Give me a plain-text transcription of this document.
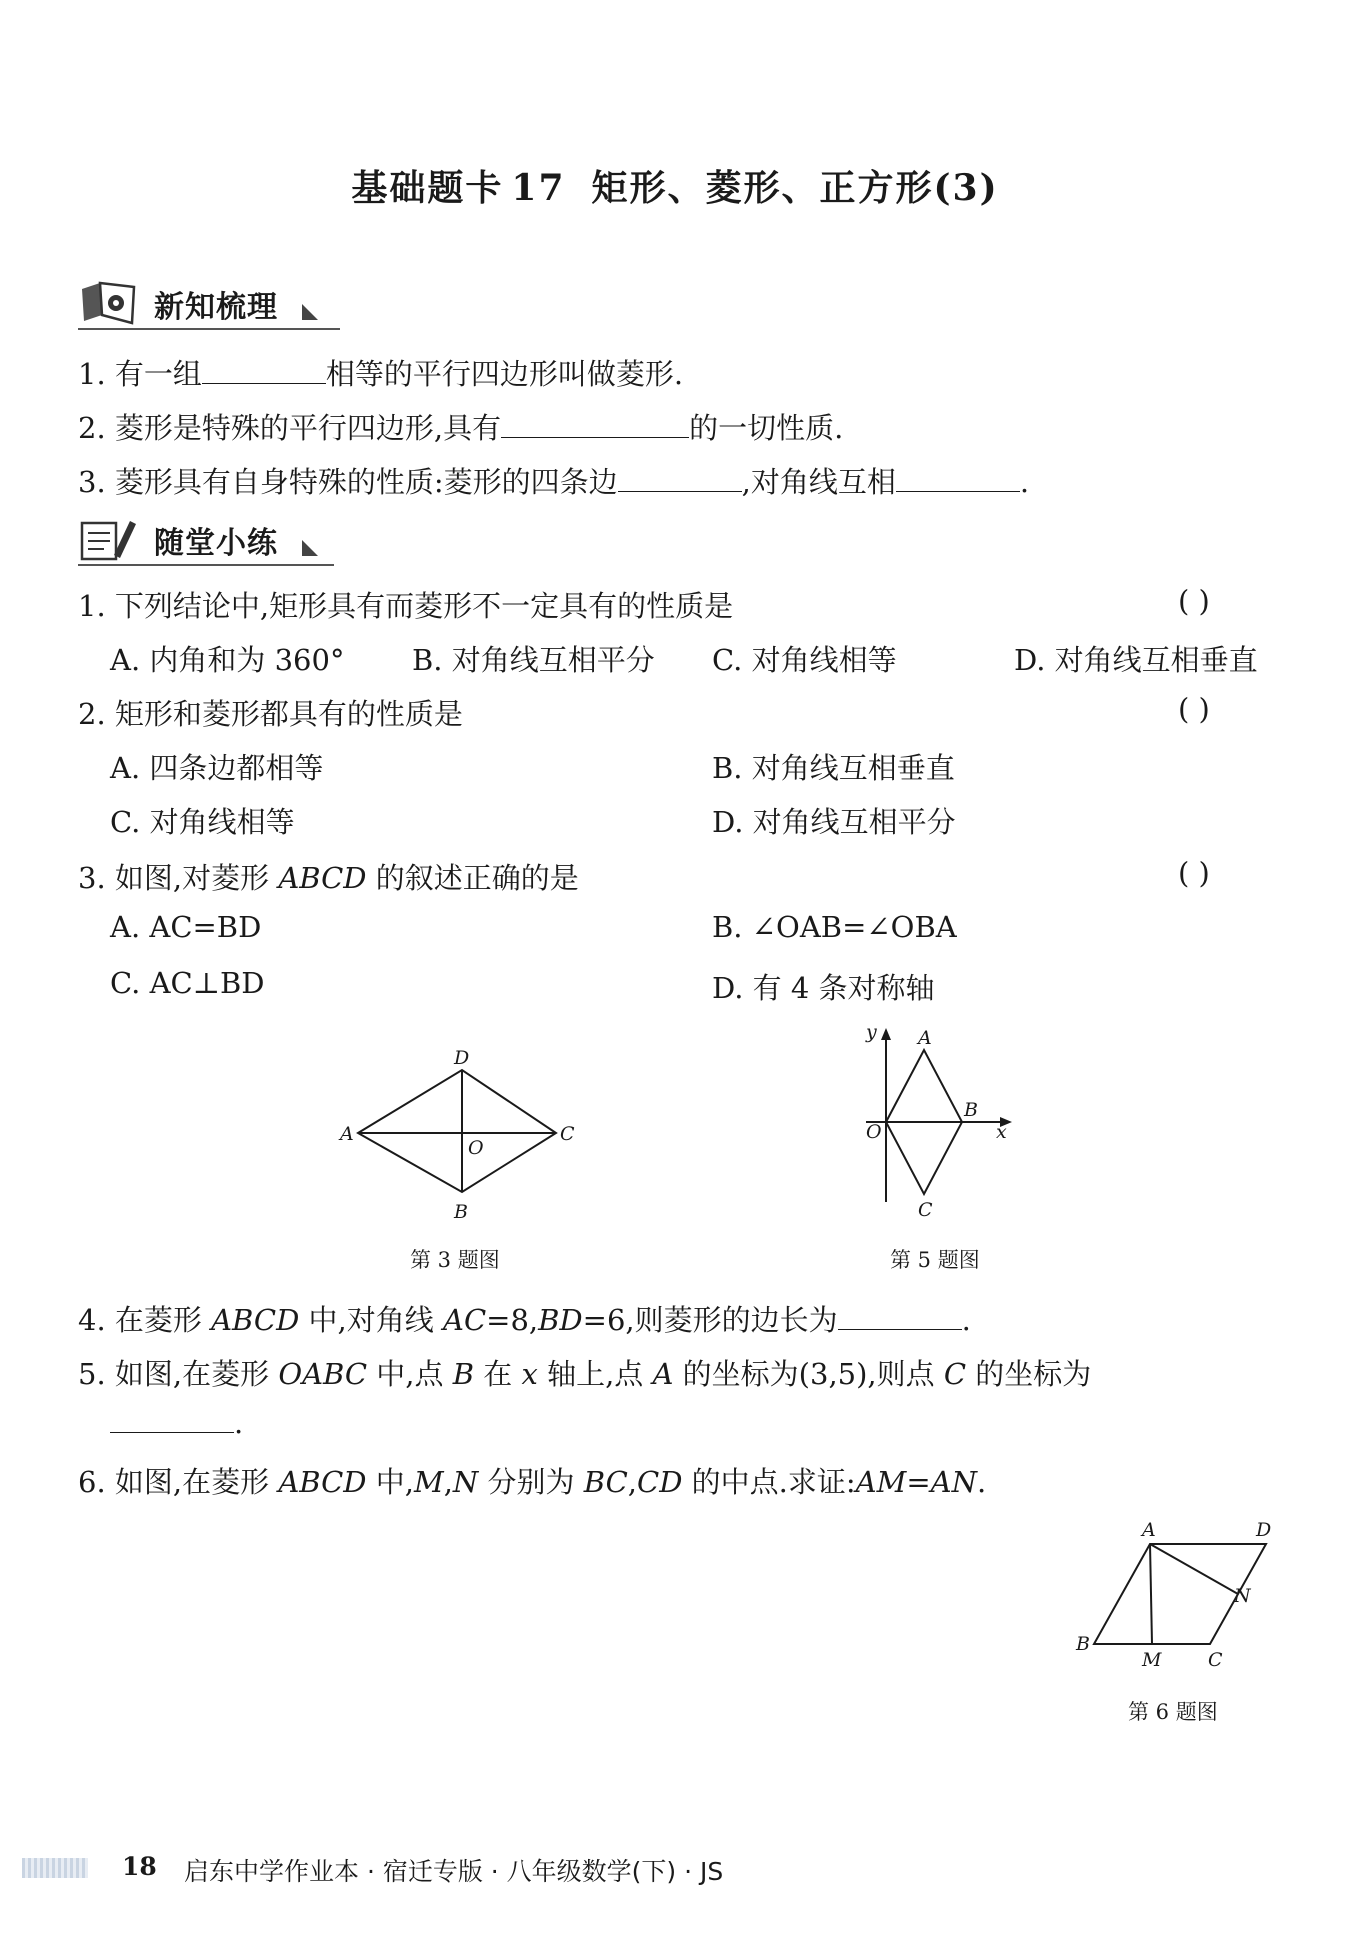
基础题卡 17 矩形、菱形、正方形(3)
新知梳理
1. 有一组	相等的平行四边形叫做菱形.
2. 菱形是特殊的平行四边形,具有	的一切性质.
3. 菱形具有自身特殊的性质:菱形的四条边	,对角线互相	.
随堂小练
1. 下列结论中,矩形具有而菱形不一定具有的性质是	( )
A. 内角和为 360° B. 对角线互相平分 C. 对角线相等	D. 对角线互相垂直
2. 矩形和菱形都具有的性质是	( )
A. 四条边都相等	B. 对角线互相垂直
C. 对角线相等	D. 对角线互相平分
3. 如图,对菱形 ABCD 的叙述正确的是	( )
A. AC=BD	B. ∠OAB=∠OBA
C. AC⊥BD	D. 有 4 条对称轴
A
B
C
D
O
第 3 题图
y
x
O
A
B
C
第 5 题图
4. 在菱形 ABCD 中,对角线 AC=8,BD=6,则菱形的边长为	.
5. 如图,在菱形 OABC 中,点 B 在 x 轴上,点 A 的坐标为(3,5),则点 C 的坐标为
.
6. 如图,在菱形 ABCD 中,M,N 分别为 BC,CD 的中点.求证:AM=AN.
A
B
C
D
M
N
第 6 题图
18 启东中学作业本 · 宿迁专版 · 八年级数学(下) · JS
